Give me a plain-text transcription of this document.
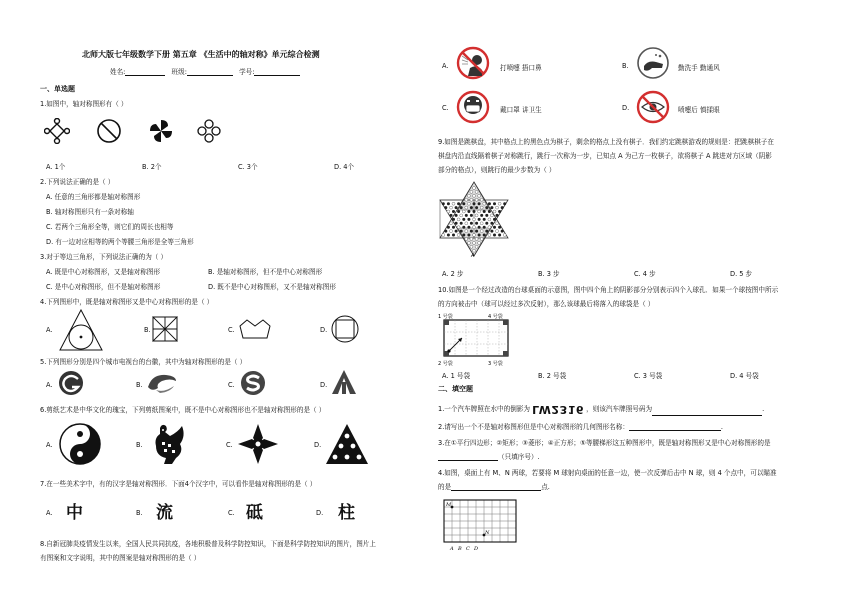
北师大版七年级数学下册 第五章 《生活中的轴对称》单元综合检测
姓名:	班级:	学号:
一、单选题
1.如图中，轴对称图形有（ ）
A. 1个	B. 2个	C. 3个	D. 4个
2.下列说法正确的是（ ）
A. 任意的三角形都是轴对称图形
B. 轴对称图形只有一条对称轴
C. 若两个三角形全等，则它们的周长也相等
D. 有一边对应相等的两个等腰三角形是全等三角形
3.对于等边三角形，下列说法正确的为（ ）
A. 既是中心对称图形，又是轴对称图形	B. 是轴对称图形，但不是中心对称图形
C. 是中心对称图形，但不是轴对称图形	D. 既不是中心对称图形，又不是轴对称图形
4.下列图形中，既是轴对称图形又是中心对称图形的是（ ）
A.	B.	C.	D.
5.下列图形分别是四个城市电视台的台徽，其中为轴对称图形的是（ ）
A.	B.	C.	D.
6.剪纸艺术是中华文化的瑰宝，下列剪纸图案中，既不是中心对称图形也不是轴对称图形的是（ ）
A.	B.	C.	D.
7.在一些美术字中，有的汉字是轴对称图形．下面4个汉字中，可以看作是轴对称图形的是（ ）
A. 中	B. 流	C. 砥	D. 柱
8.自新冠肺炎疫情发生以来，全国人民共同抗疫，各地积极普及科学防控知识，下面是科学防控知识的图片，图片上
有图案和文字说明，其中的图案是轴对称图形的是（ ）
A.	打喷嚏 捂口鼻	B.	勤洗手 勤通风
C.	戴口罩 讲卫生	D.	喷嚏后 慎揉眼
9.如图是跳棋盘，其中格点上的黑色点为棋子，剩余的格点上没有棋子．我们约定跳棋游戏的规则是：把跳棋棋子在
棋盘内沿直线隔着棋子对称跳行，跳行一次称为一步，已知点 A 为己方一枚棋子，欲将棋子 A 跳进对方区域（阴影
部分的格点），则跳行的最少步数为（ ）
A
A. 2 步	B. 3 步	C. 4 步	D. 5 步
10.如图是一个经过改造的台球桌面的示意图，图中四个角上的阴影部分分别表示四个入球孔．如果一个球按图中所示
的方向被击中（球可以经过多次反射），那么该球最后将落入的球袋是（ ）
1 号袋	4 号袋
2 号袋	3 号袋
A. 1 号袋	B. 2 号袋	C. 3 号袋	D. 4 号袋
二、填空题
1.一个汽车牌照在水中的倒影为 LW2316 ，则该汽车牌照号码为	.
2.请写出一个不是轴对称图形但是中心对称图形的几何图形名称：	.
3.在①平行四边形；②矩形；③菱形；④正方形；⑤等腰梯形这五种图形中，既是轴对称图形又是中心对称图形的是
（只填序号）.
4.如图，桌面上有 M、N 两球，若要将 M 球射向桌面的任意一边，使一次反弹后击中 N 球，则 4 个点中，可以瞄准
的是	点.
M
N
A B C D
